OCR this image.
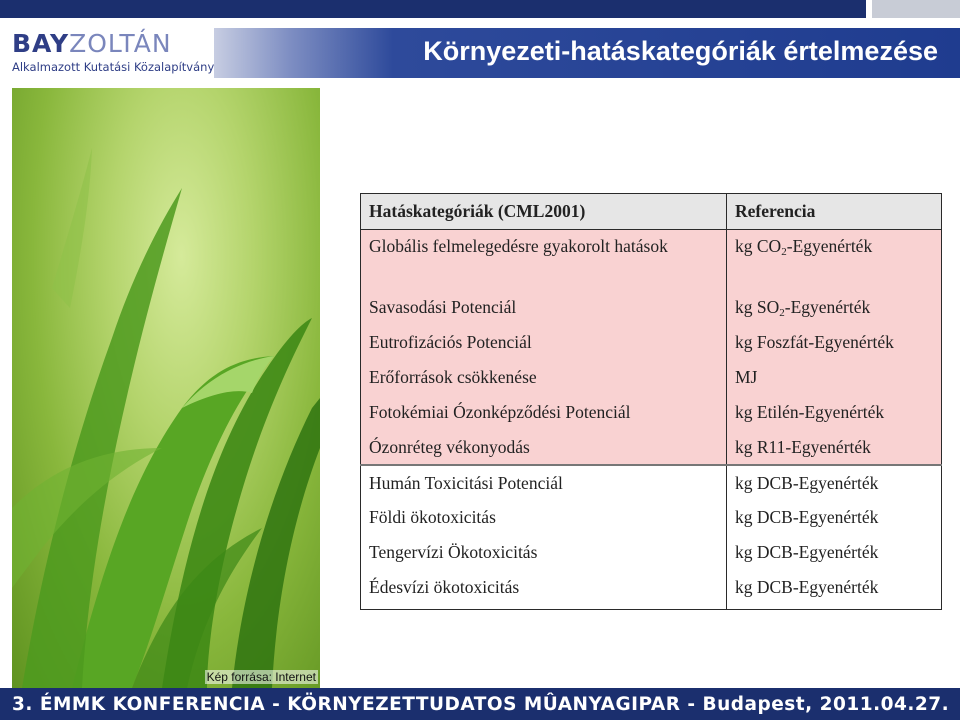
BAYZOLTÁN
Alkalmazott Kutatási Közalapítvány
Környezeti-hatáskategóriák értelmezése
Kép forrása: Internet
Hatáskategóriák (CML2001)	Referencia
Globális felmelegedésre gyakorolt hatások	kg $CO_2$-Egyenérték
Savasodási Potenciál	kg $SO_2$-Egyenérték
Eutrofizációs Potenciál	kg Foszfát-Egyenérték
Erőforrások csökkenése	MJ
Fotokémiai Ózonképződési Potenciál	kg Etilén-Egyenérték
Ózonréteg vékonyodás	kg R11-Egyenérték
Humán Toxicitási Potenciál	kg DCB-Egyenérték
Földi ökotoxicitás	kg DCB-Egyenérték
Tengervízi Ökotoxicitás	kg DCB-Egyenérték
Édesvízi ökotoxicitás	kg DCB-Egyenérték
3. ÉMMK KONFERENCIA - KÖRNYEZETTUDATOS MÛANYAGIPAR - Budapest, 2011.04.27.
